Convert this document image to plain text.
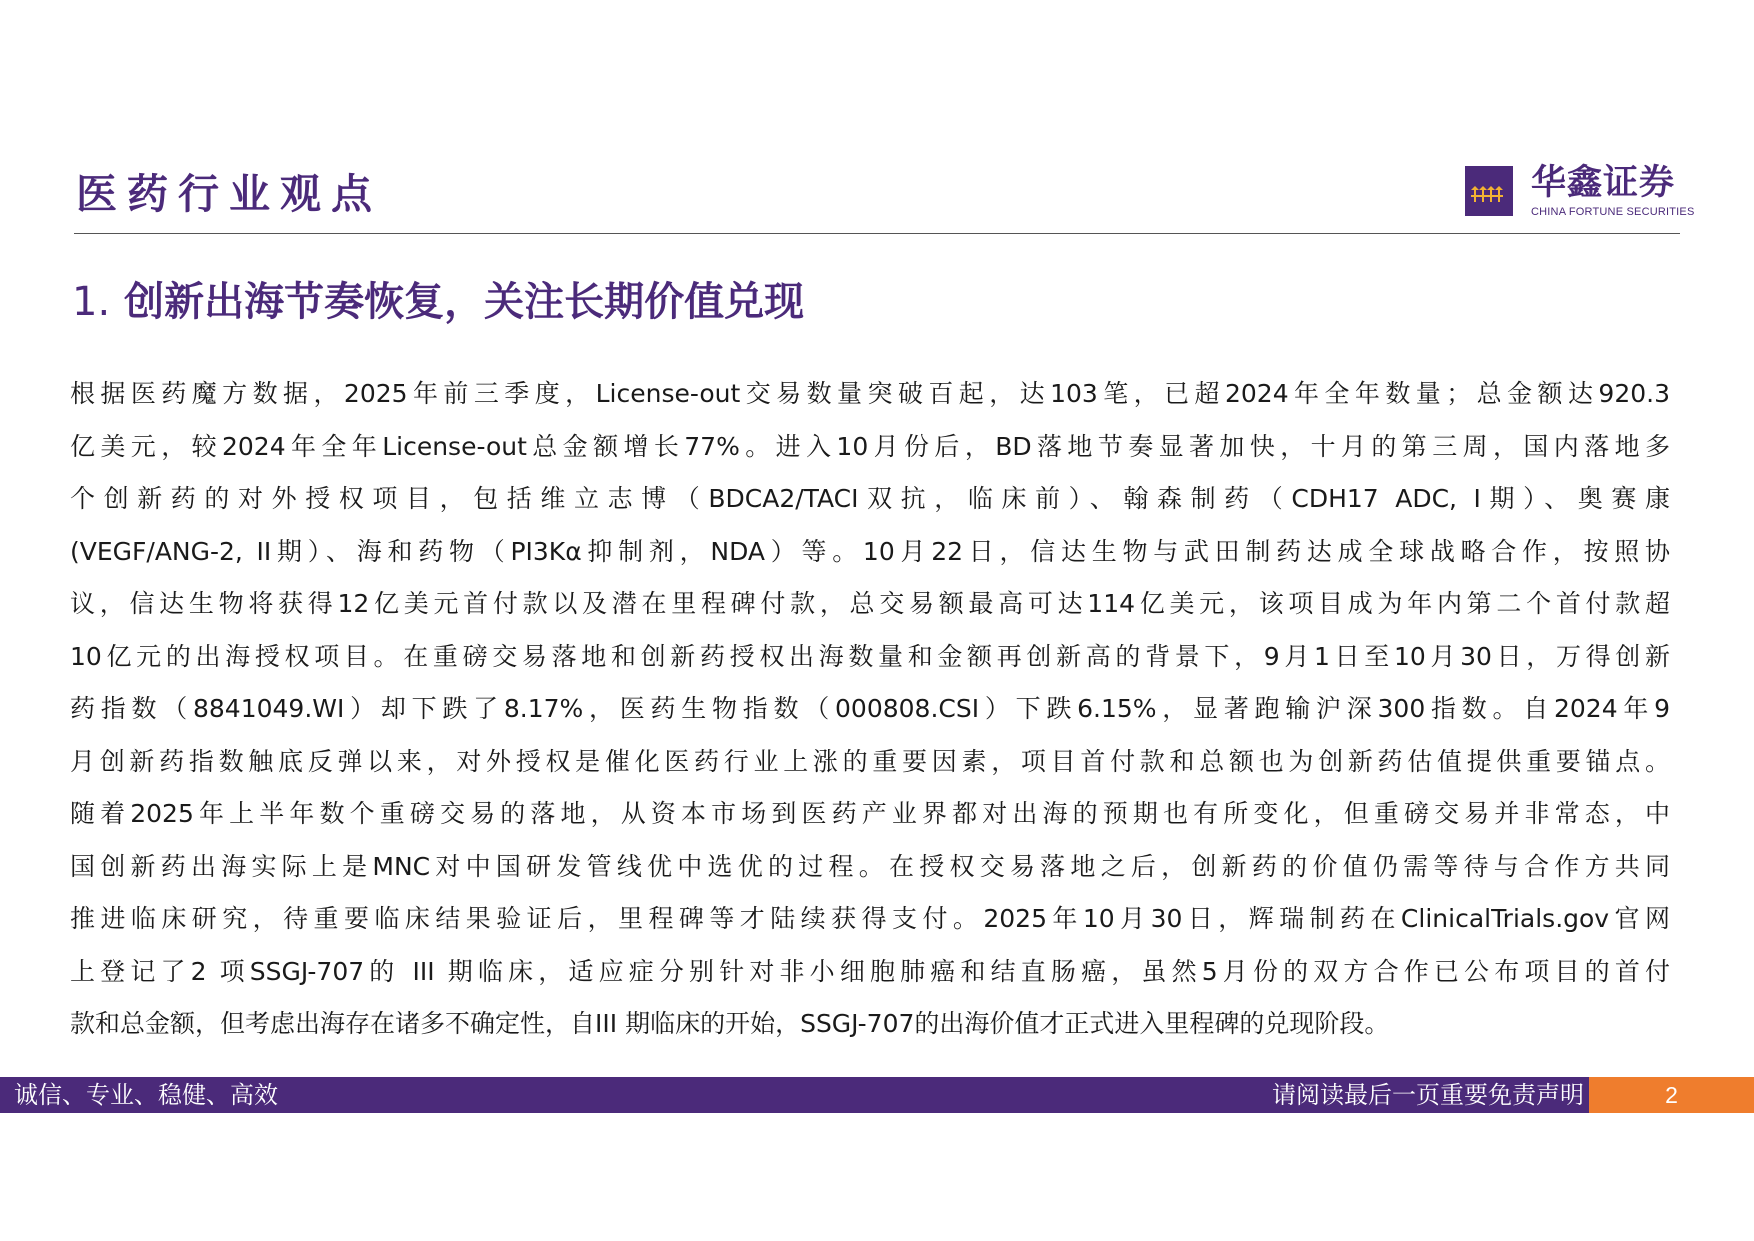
医药行业观点	华鑫证券
CHINA FORTUNE SECURITIES
1. 创新出海节奏恢复，关注长期价值兑现
根据医药魔方数据，2025年前三季度，License-out交易数量突破百起，达103笔，已超2024年全年数量；总金额达920.3
亿美元，较2024年全年License-out总金额增长77%。进入10月份后，BD落地节奏显著加快，十月的第三周，国内落地多
个创新药的对外授权项目，包括维立志博（BDCA2/TACI双抗，临床前）、翰森制药（CDH17 ADC, I期）、奥赛康
(VEGF/ANG-2, II期）、海和药物（PI3Kα抑制剂，NDA）等。10月22日，信达生物与武田制药达成全球战略合作，按照协
议，信达生物将获得12亿美元首付款以及潜在里程碑付款，总交易额最高可达114亿美元，该项目成为年内第二个首付款超
10亿元的出海授权项目。在重磅交易落地和创新药授权出海数量和金额再创新高的背景下，9月1日至10月30日，万得创新
药指数（8841049.WI）却下跌了8.17%，医药生物指数（000808.CSI）下跌6.15%，显著跑输沪深300指数。自2024年9
月创新药指数触底反弹以来，对外授权是催化医药行业上涨的重要因素，项目首付款和总额也为创新药估值提供重要锚点。
随着2025年上半年数个重磅交易的落地，从资本市场到医药产业界都对出海的预期也有所变化，但重磅交易并非常态，中
国创新药出海实际上是MNC对中国研发管线优中选优的过程。在授权交易落地之后，创新药的价值仍需等待与合作方共同
推进临床研究，待重要临床结果验证后，里程碑等才陆续获得支付。2025年10月30日，辉瑞制药在ClinicalTrials.gov官网
上登记了2 项SSGJ-707的 III 期临床，适应症分别针对非小细胞肺癌和结直肠癌，虽然5月份的双方合作已公布项目的首付
款和总金额，但考虑出海存在诸多不确定性，自III 期临床的开始，SSGJ-707的出海价值才正式进入里程碑的兑现阶段。
诚信、专业、稳健、高效	请阅读最后一页重要免责声明	2
